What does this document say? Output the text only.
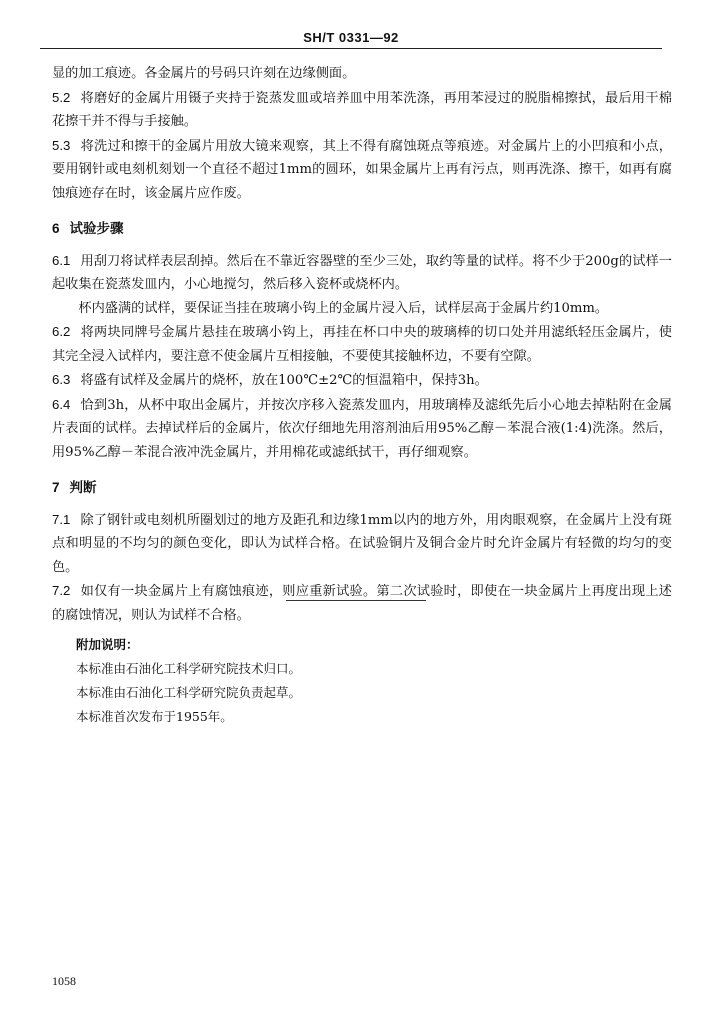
SH/T 0331—92

显的加工痕迹。各金属片的号码只许刻在边缘侧面。

5.2 将磨好的金属片用镊子夹持于瓷蒸发皿或培养皿中用苯洗涤，再用苯浸过的脱脂棉擦拭，最后用干棉花擦干并不得与手接触。

5.3 将洗过和擦干的金属片用放大镜来观察，其上不得有腐蚀斑点等痕迹。对金属片上的小凹痕和小点，要用钢针或电刻机刻划一个直径不超过1mm的圆环，如果金属片上再有污点，则再洗涤、擦干，如再有腐蚀痕迹存在时，该金属片应作废。

6 试验步骤

6.1 用刮刀将试样表层刮掉。然后在不靠近容器壁的至少三处，取约等量的试样。将不少于200g的试样一起收集在瓷蒸发皿内，小心地搅匀，然后移入瓷杯或烧杯内。

杯内盛满的试样，要保证当挂在玻璃小钩上的金属片浸入后，试样层高于金属片约10mm。

6.2 将两块同牌号金属片悬挂在玻璃小钩上，再挂在杯口中央的玻璃棒的切口处并用滤纸轻压金属片，使其完全浸入试样内，要注意不使金属片互相接触，不要使其接触杯边，不要有空隙。

6.3 将盛有试样及金属片的烧杯，放在100℃±2℃的恒温箱中，保持3h。

6.4 恰到3h，从杯中取出金属片，并按次序移入瓷蒸发皿内，用玻璃棒及滤纸先后小心地去掉粘附在金属片表面的试样。去掉试样后的金属片，依次仔细地先用溶剂油后用95%乙醇－苯混合液(1:4)洗涤。然后，用95%乙醇－苯混合液冲洗金属片，并用棉花或滤纸拭干，再仔细观察。

7 判断

7.1 除了钢针或电刻机所圈划过的地方及距孔和边缘1mm以内的地方外，用肉眼观察，在金属片上没有斑点和明显的不均匀的颜色变化，即认为试样合格。在试验铜片及铜合金片时允许金属片有轻微的均匀的变色。

7.2 如仅有一块金属片上有腐蚀痕迹，则应重新试验。第二次试验时，即使在一块金属片上再度出现上述的腐蚀情况，则认为试样不合格。

附加说明：
本标准由石油化工科学研究院技术归口。
本标准由石油化工科学研究院负责起草。
本标准首次发布于1955年。
1058
